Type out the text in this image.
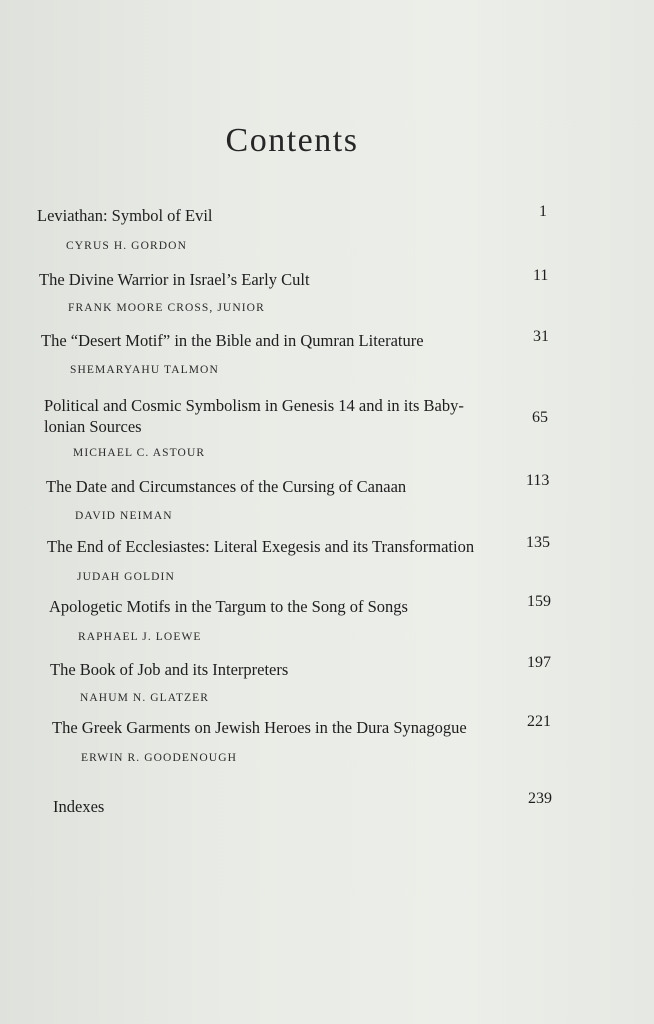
Contents
Leviathan: Symbol of Evil
CYRUS H. GORDON
1
The Divine Warrior in Israel’s Early Cult
FRANK MOORE CROSS, JUNIOR
11
The “Desert Motif” in the Bible and in Qumran Literature
SHEMARYAHU TALMON
31
Political and Cosmic Symbolism in Genesis 14 and in its Baby-lonian Sources
MICHAEL C. ASTOUR
65
The Date and Circumstances of the Cursing of Canaan
DAVID NEIMAN
113
The End of Ecclesiastes: Literal Exegesis and its Transformation
JUDAH GOLDIN
135
Apologetic Motifs in the Targum to the Song of Songs
RAPHAEL J. LOEWE
159
The Book of Job and its Interpreters
NAHUM N. GLATZER
197
The Greek Garments on Jewish Heroes in the Dura Synagogue
ERWIN R. GOODENOUGH
221
Indexes	239
